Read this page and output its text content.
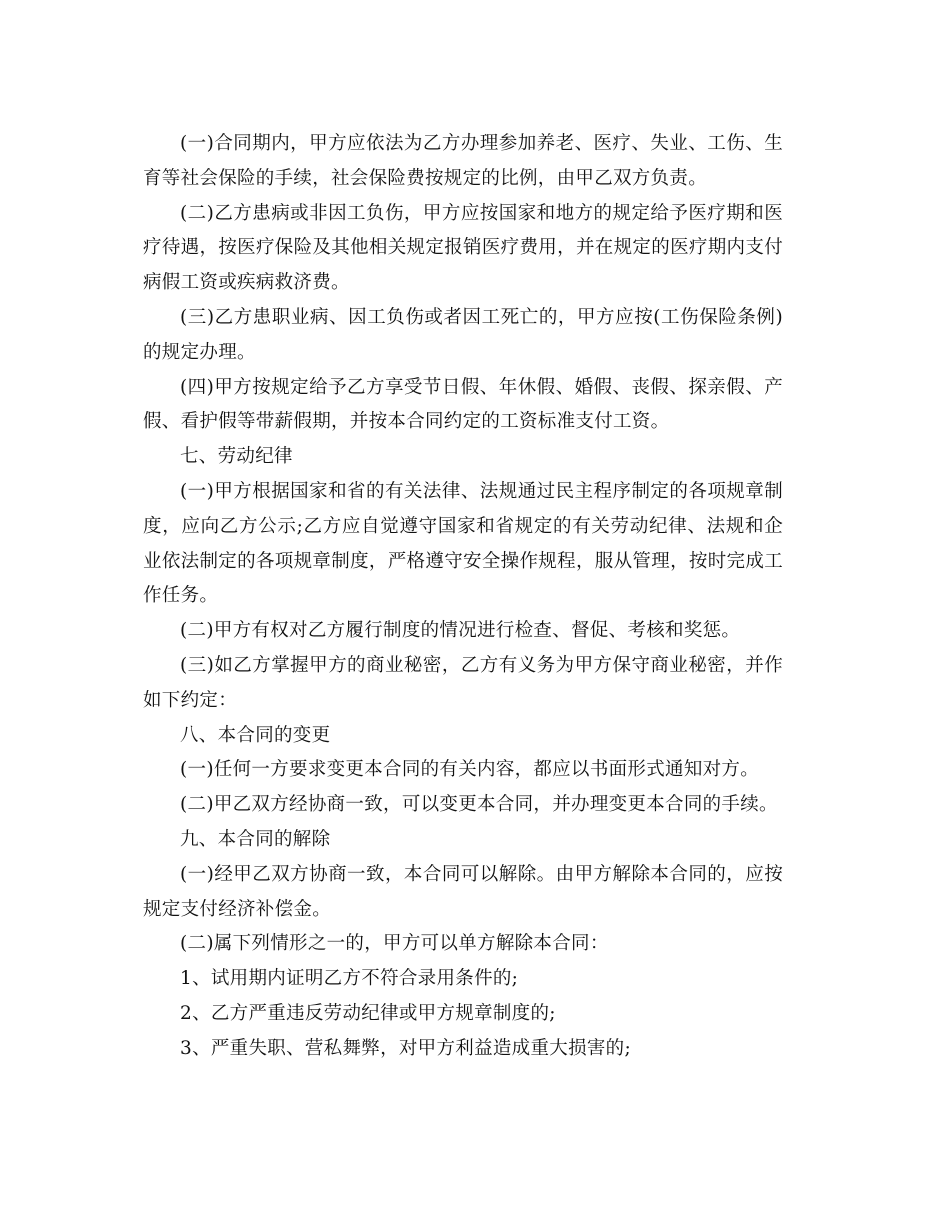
(一)合同期内，甲方应依法为乙方办理参加养老、医疗、失业、工伤、生育等社会保险的手续，社会保险费按规定的比例，由甲乙双方负责。

(二)乙方患病或非因工负伤，甲方应按国家和地方的规定给予医疗期和医疗待遇，按医疗保险及其他相关规定报销医疗费用，并在规定的医疗期内支付病假工资或疾病救济费。

(三)乙方患职业病、因工负伤或者因工死亡的，甲方应按(工伤保险条例)的规定办理。

(四)甲方按规定给予乙方享受节日假、年休假、婚假、丧假、探亲假、产假、看护假等带薪假期，并按本合同约定的工资标准支付工资。

七、劳动纪律

(一)甲方根据国家和省的有关法律、法规通过民主程序制定的各项规章制度，应向乙方公示;乙方应自觉遵守国家和省规定的有关劳动纪律、法规和企业依法制定的各项规章制度，严格遵守安全操作规程，服从管理，按时完成工作任务。

(二)甲方有权对乙方履行制度的情况进行检查、督促、考核和奖惩。

(三)如乙方掌握甲方的商业秘密，乙方有义务为甲方保守商业秘密，并作如下约定：

八、本合同的变更

(一)任何一方要求变更本合同的有关内容，都应以书面形式通知对方。

(二)甲乙双方经协商一致，可以变更本合同，并办理变更本合同的手续。

九、本合同的解除

(一)经甲乙双方协商一致，本合同可以解除。由甲方解除本合同的，应按规定支付经济补偿金。

(二)属下列情形之一的，甲方可以单方解除本合同：

1、试用期内证明乙方不符合录用条件的;

2、乙方严重违反劳动纪律或甲方规章制度的;

3、严重失职、营私舞弊，对甲方利益造成重大损害的;
